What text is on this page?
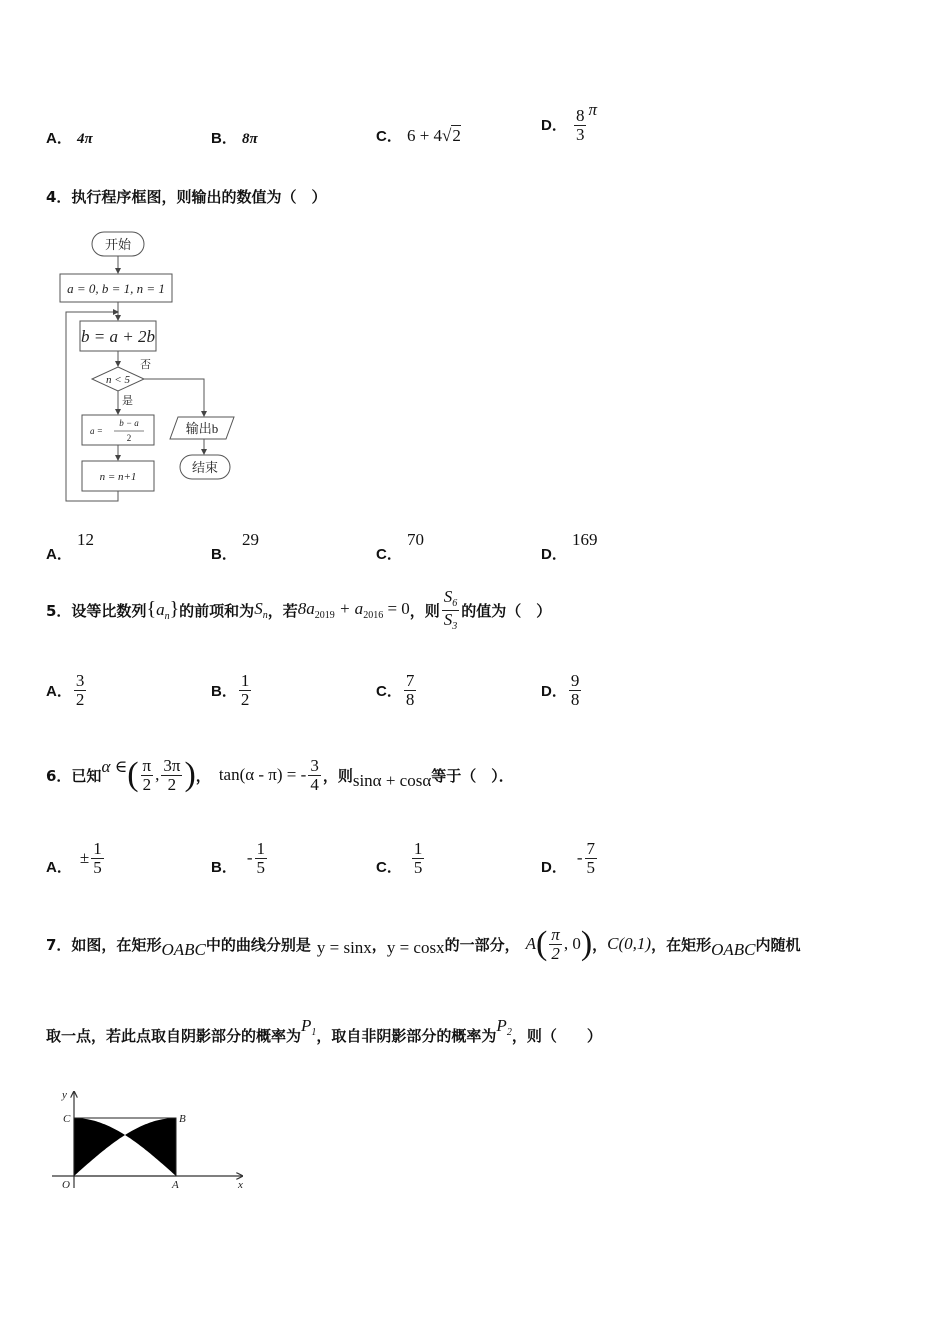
A． 4π	B． 8π	C． 6 + 4√2
D． $\frac{8}{3}$ π
4．执行程序框图，则输出的数值为（　）
开始
a = 0, b = 1, n = 1
b = a + 2b
n < 5
否
是
a =
b − a
2
n = n+1
输出b
结束
A． 12
B． 29
C． 70
D． 169
5．设等比数列 $\{a_n\}$ 的前项和为 $S_n$ ，若 $8a_{2019} + a_{2016} = 0$ ，则 $\frac{S_6}{S_3}$ 的值为（　）
A． $\frac{3}{2}$	B． $\frac{1}{2}$	C． $\frac{7}{8}$	D． $\frac{9}{8}$
6．已知 α ∈ ( $\frac{\pi}{2}$ , $\frac{3\pi}{2}$ ) ， tan(α - π) = - $\frac{3}{4}$ ，则 sinα + cosα 等于（　）．
A． ± $\frac{1}{5}$	B． - $\frac{1}{5}$	C． $\frac{1}{5}$	D． - $\frac{7}{5}$
7．如图，在矩形 OABC 中的曲线分别是 y = sinx ， y = cosx 的一部分， A ( $\frac{\pi}{2}$ , 0 ) ， C(0,1) ，在矩形 OABC 内随机
取一点，若此点取自阴影部分的概率为
$P_1$ ，取自非阴影部分的概率为
$P_2$ ，则（　　）
y
x
C	B
O	A
